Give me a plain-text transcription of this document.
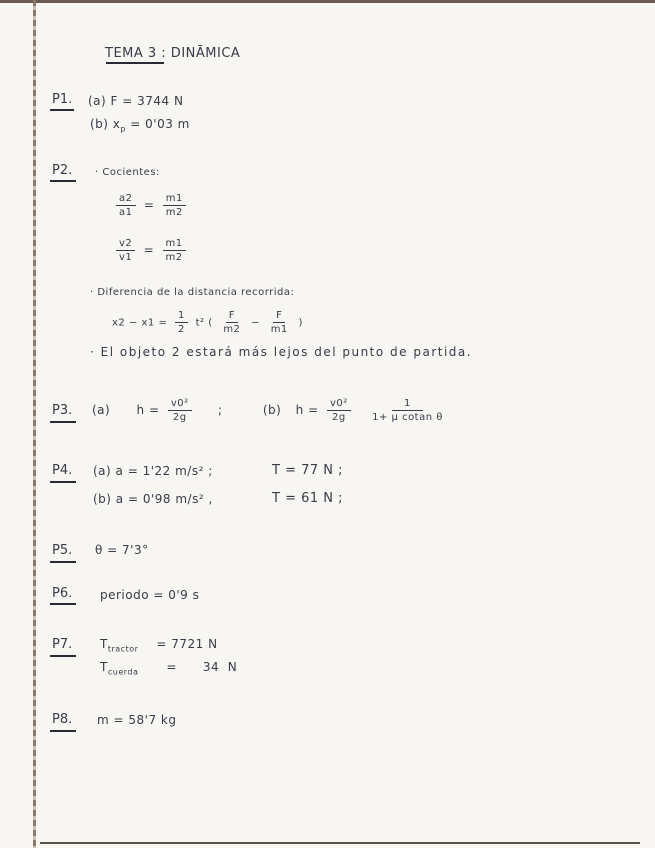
TEMA 3 : DINĀMICA
P1. (a) F = 3744 N
(b) $x_p = 0'03$ m
P2. · Cocientes:
$\frac{a2}{a1} = \frac{m1}{m2}$
$\frac{v2}{v1} = \frac{m1}{m2}$
· Diferencia de la distancia recorrida:
$x2 - x1 = \frac{1}{2} t^2$ ( $\frac{F}{m2} - \frac{F}{m1}$ )
· El objeto 2 estará más lejos del punto de partida.
P3. (a) $h = \frac{\text{v0²}}{2g}$ ;	(b) $h = \frac{\text{v0²}}{2g}$
$\frac{1}{\text{1+ μ cotan θ}}$
P4. (a) a = 1'22 m/s² ;	T = 77 N ;
(b) a = 0'98 m/s² ,	T = 61 N ;
P5. θ = 7'3°
P6. periodo = 0'9 s
P7. $T_{tractor} = 7721$ N
$T_{cuerda}$ =      34  N
P8. m = 58'7 kg
